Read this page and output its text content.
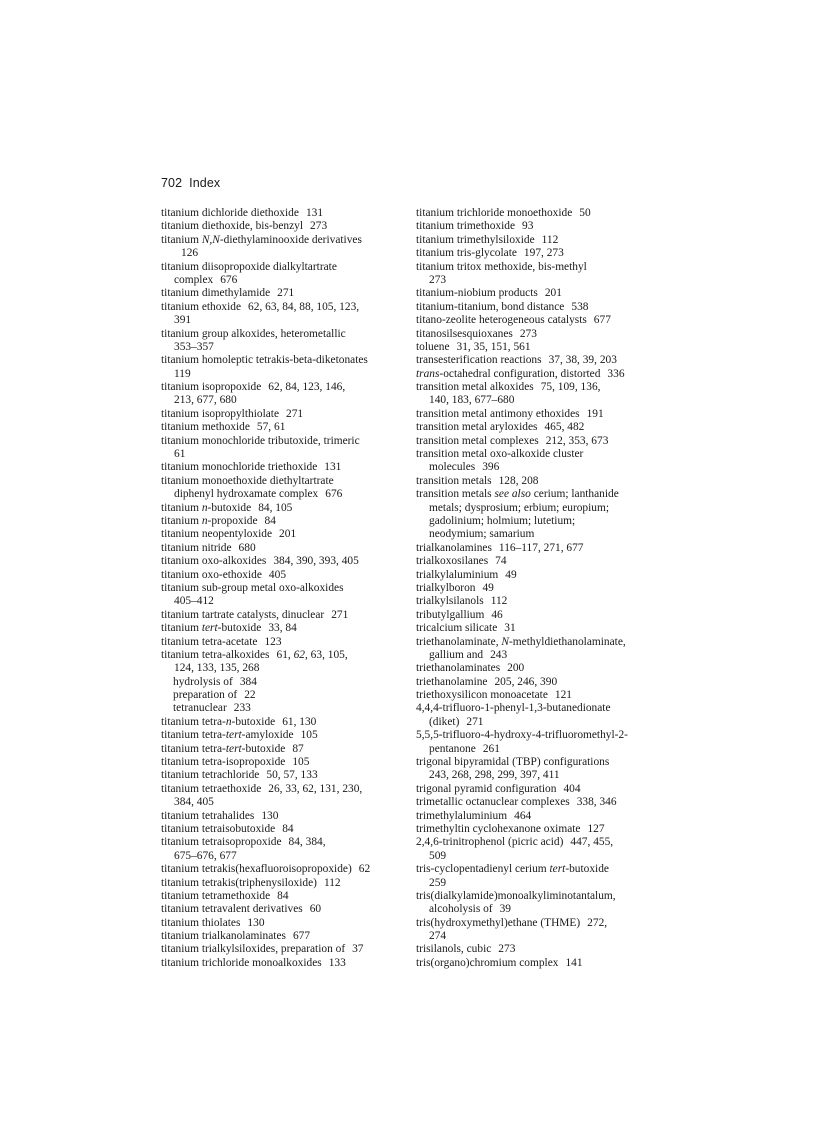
702 Index
titanium dichloride diethoxide 131
titanium diethoxide, bis-benzyl 273
titanium N,N-diethylaminooxide derivatives
126
titanium diisopropoxide dialkyltartrate
complex 676
titanium dimethylamide 271
titanium ethoxide 62, 63, 84, 88, 105, 123,
391
titanium group alkoxides, heterometallic
353–357
titanium homoleptic tetrakis-beta-diketonates
119
titanium isopropoxide 62, 84, 123, 146,
213, 677, 680
titanium isopropylthiolate 271
titanium methoxide 57, 61
titanium monochloride tributoxide, trimeric
61
titanium monochloride triethoxide 131
titanium monoethoxide diethyltartrate
diphenyl hydroxamate complex 676
titanium n-butoxide 84, 105
titanium n-propoxide 84
titanium neopentyloxide 201
titanium nitride 680
titanium oxo-alkoxides 384, 390, 393, 405
titanium oxo-ethoxide 405
titanium sub-group metal oxo-alkoxides
405–412
titanium tartrate catalysts, dinuclear 271
titanium tert-butoxide 33, 84
titanium tetra-acetate 123
titanium tetra-alkoxides 61, 62, 63, 105,
124, 133, 135, 268
hydrolysis of 384
preparation of 22
tetranuclear 233
titanium tetra-n-butoxide 61, 130
titanium tetra-tert-amyloxide 105
titanium tetra-tert-butoxide 87
titanium tetra-isopropoxide 105
titanium tetrachloride 50, 57, 133
titanium tetraethoxide 26, 33, 62, 131, 230,
384, 405
titanium tetrahalides 130
titanium tetraisobutoxide 84
titanium tetraisopropoxide 84, 384,
675–676, 677
titanium tetrakis(hexafluoroisopropoxide) 62
titanium tetrakis(triphenysiloxide) 112
titanium tetramethoxide 84
titanium tetravalent derivatives 60
titanium thiolates 130
titanium trialkanolaminates 677
titanium trialkylsiloxides, preparation of 37
titanium trichloride monoalkoxides 133
titanium trichloride monoethoxide 50
titanium trimethoxide 93
titanium trimethylsiloxide 112
titanium tris-glycolate 197, 273
titanium tritox methoxide, bis-methyl
273
titanium-niobium products 201
titanium-titanium, bond distance 538
titano-zeolite heterogeneous catalysts 677
titanosilsesquioxanes 273
toluene 31, 35, 151, 561
transesterification reactions 37, 38, 39, 203
trans-octahedral configuration, distorted 336
transition metal alkoxides 75, 109, 136,
140, 183, 677–680
transition metal antimony ethoxides 191
transition metal aryloxides 465, 482
transition metal complexes 212, 353, 673
transition metal oxo-alkoxide cluster
molecules 396
transition metals 128, 208
transition metals see also cerium; lanthanide
metals; dysprosium; erbium; europium;
gadolinium; holmium; lutetium;
neodymium; samarium
trialkanolamines 116–117, 271, 677
trialkoxosilanes 74
trialkylaluminium 49
trialkylboron 49
trialkylsilanols 112
tributylgallium 46
tricalcium silicate 31
triethanolaminate, N-methyldiethanolaminate,
gallium and 243
triethanolaminates 200
triethanolamine 205, 246, 390
triethoxysilicon monoacetate 121
4,4,4-trifluoro-1-phenyl-1,3-butanedionate
(diket) 271
5,5,5-trifluoro-4-hydroxy-4-trifluoromethyl-2-
pentanone 261
trigonal bipyramidal (TBP) configurations
243, 268, 298, 299, 397, 411
trigonal pyramid configuration 404
trimetallic octanuclear complexes 338, 346
trimethylaluminium 464
trimethyltin cyclohexanone oximate 127
2,4,6-trinitrophenol (picric acid) 447, 455,
509
tris-cyclopentadienyl cerium tert-butoxide
259
tris(dialkylamide)monoalkyliminotantalum,
alcoholysis of 39
tris(hydroxymethyl)ethane (THME) 272,
274
trisilanols, cubic 273
tris(organo)chromium complex 141
